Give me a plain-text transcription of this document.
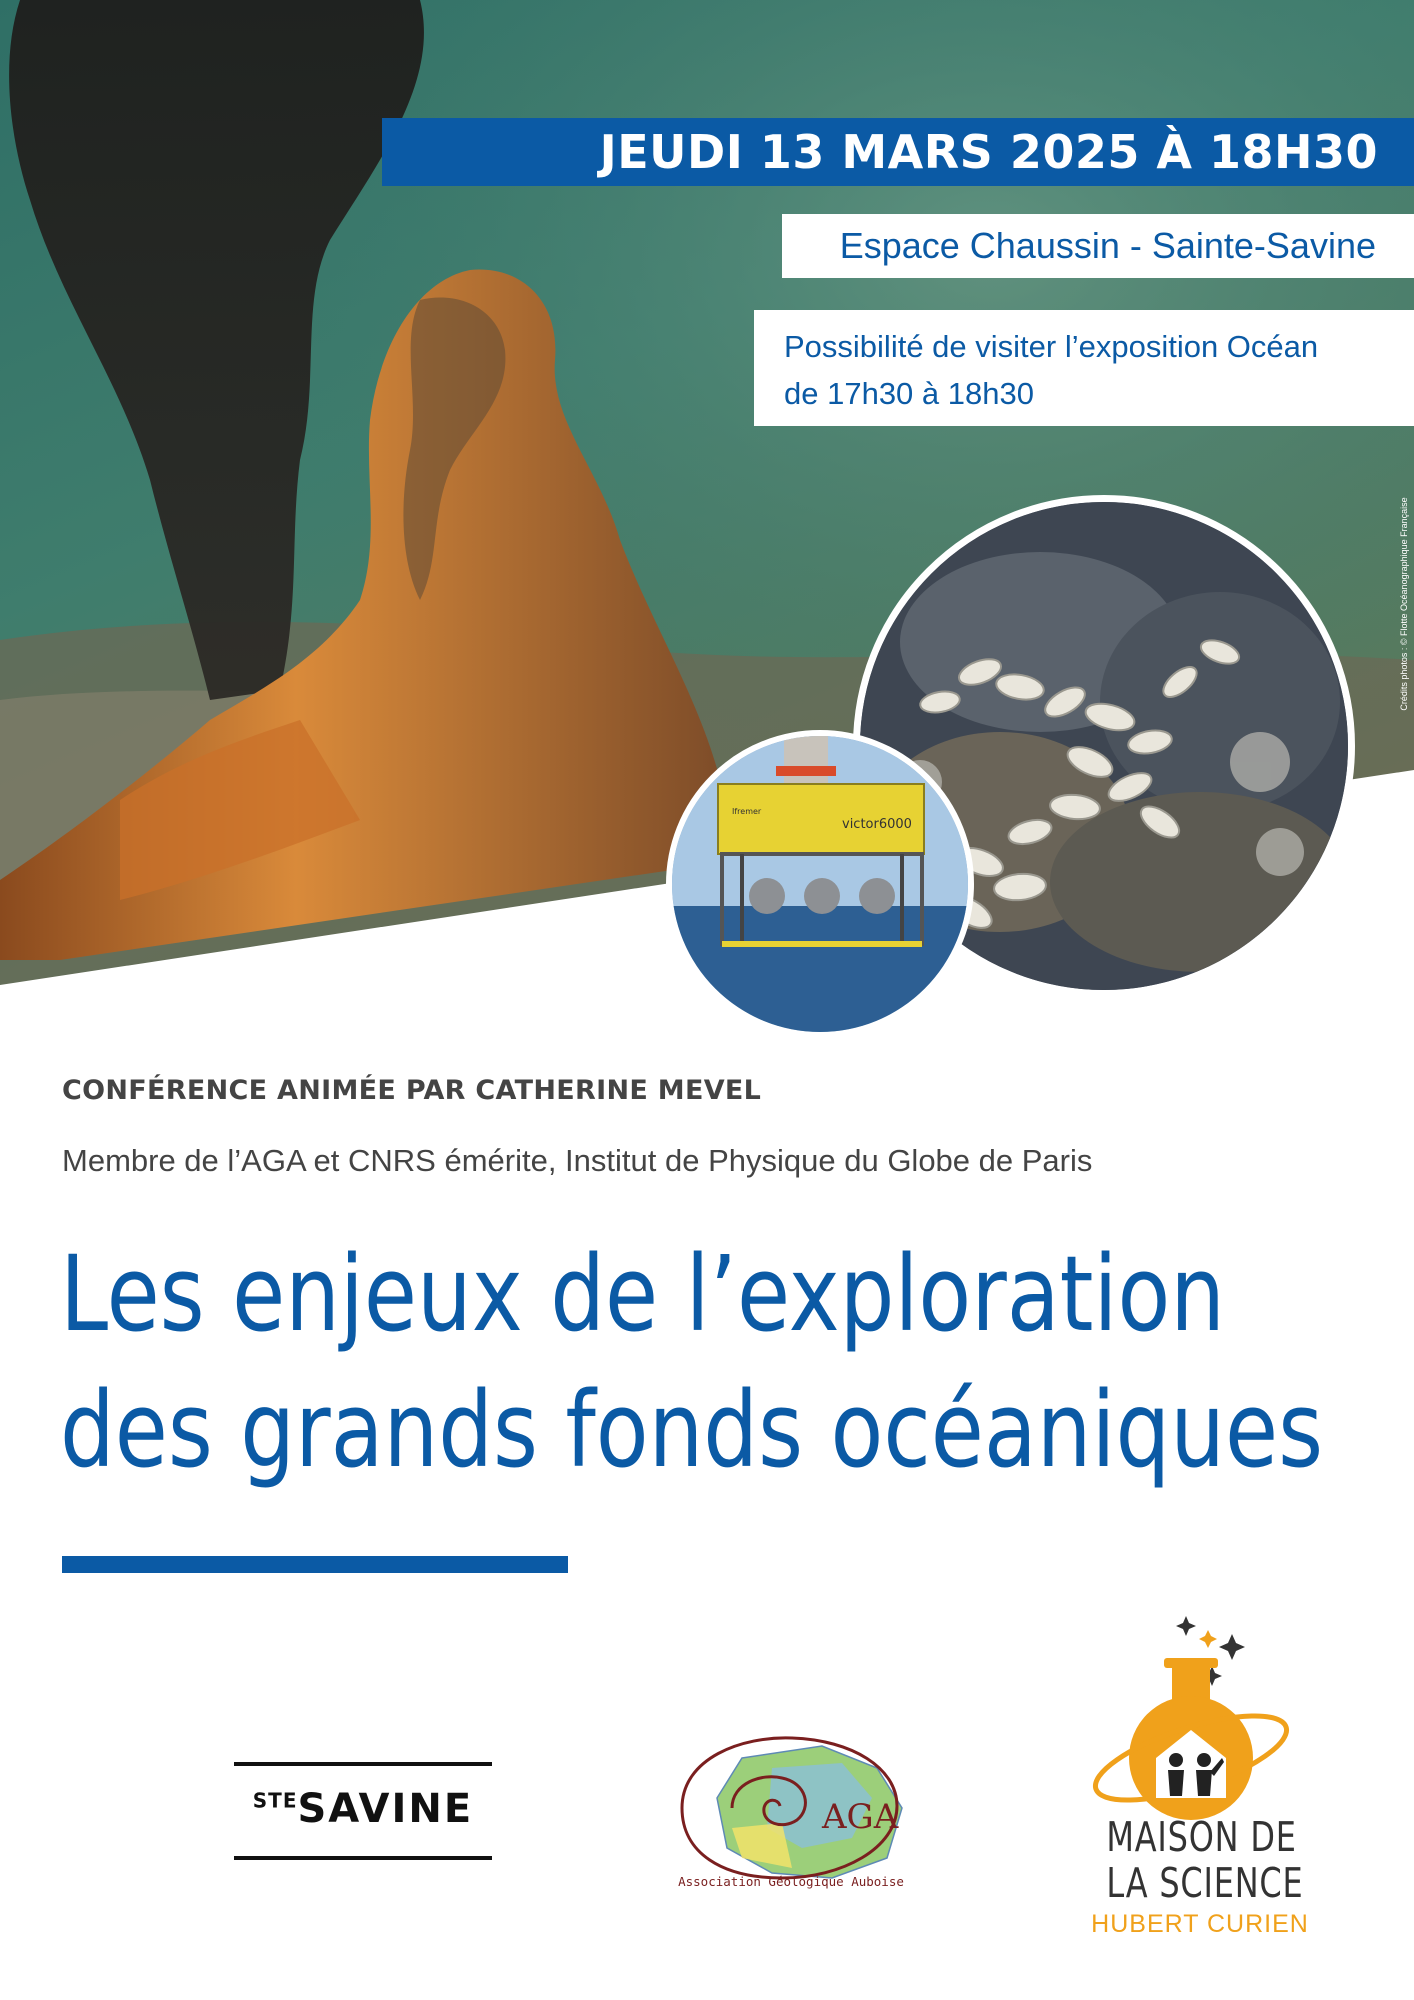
JEUDI 13 MARS 2025 À 18H30
Espace Chaussin - Sainte-Savine
Possibilité de visiter l’exposition Océan
de 17h30 à 18h30
Crédits photos : © Flotte Océanographique Française
victor6000
Ifremer
CONFÉRENCE ANIMÉE PAR CATHERINE MEVEL
Membre de l’AGA et CNRS émérite, Institut de Physique du Globe de Paris
Les enjeux de l’exploration
des grands fonds océaniques
$^{STE}$SAVINE	AGA
Association Géologique Auboise
MAISON DE
LA SCIENCE
HUBERT CURIEN
